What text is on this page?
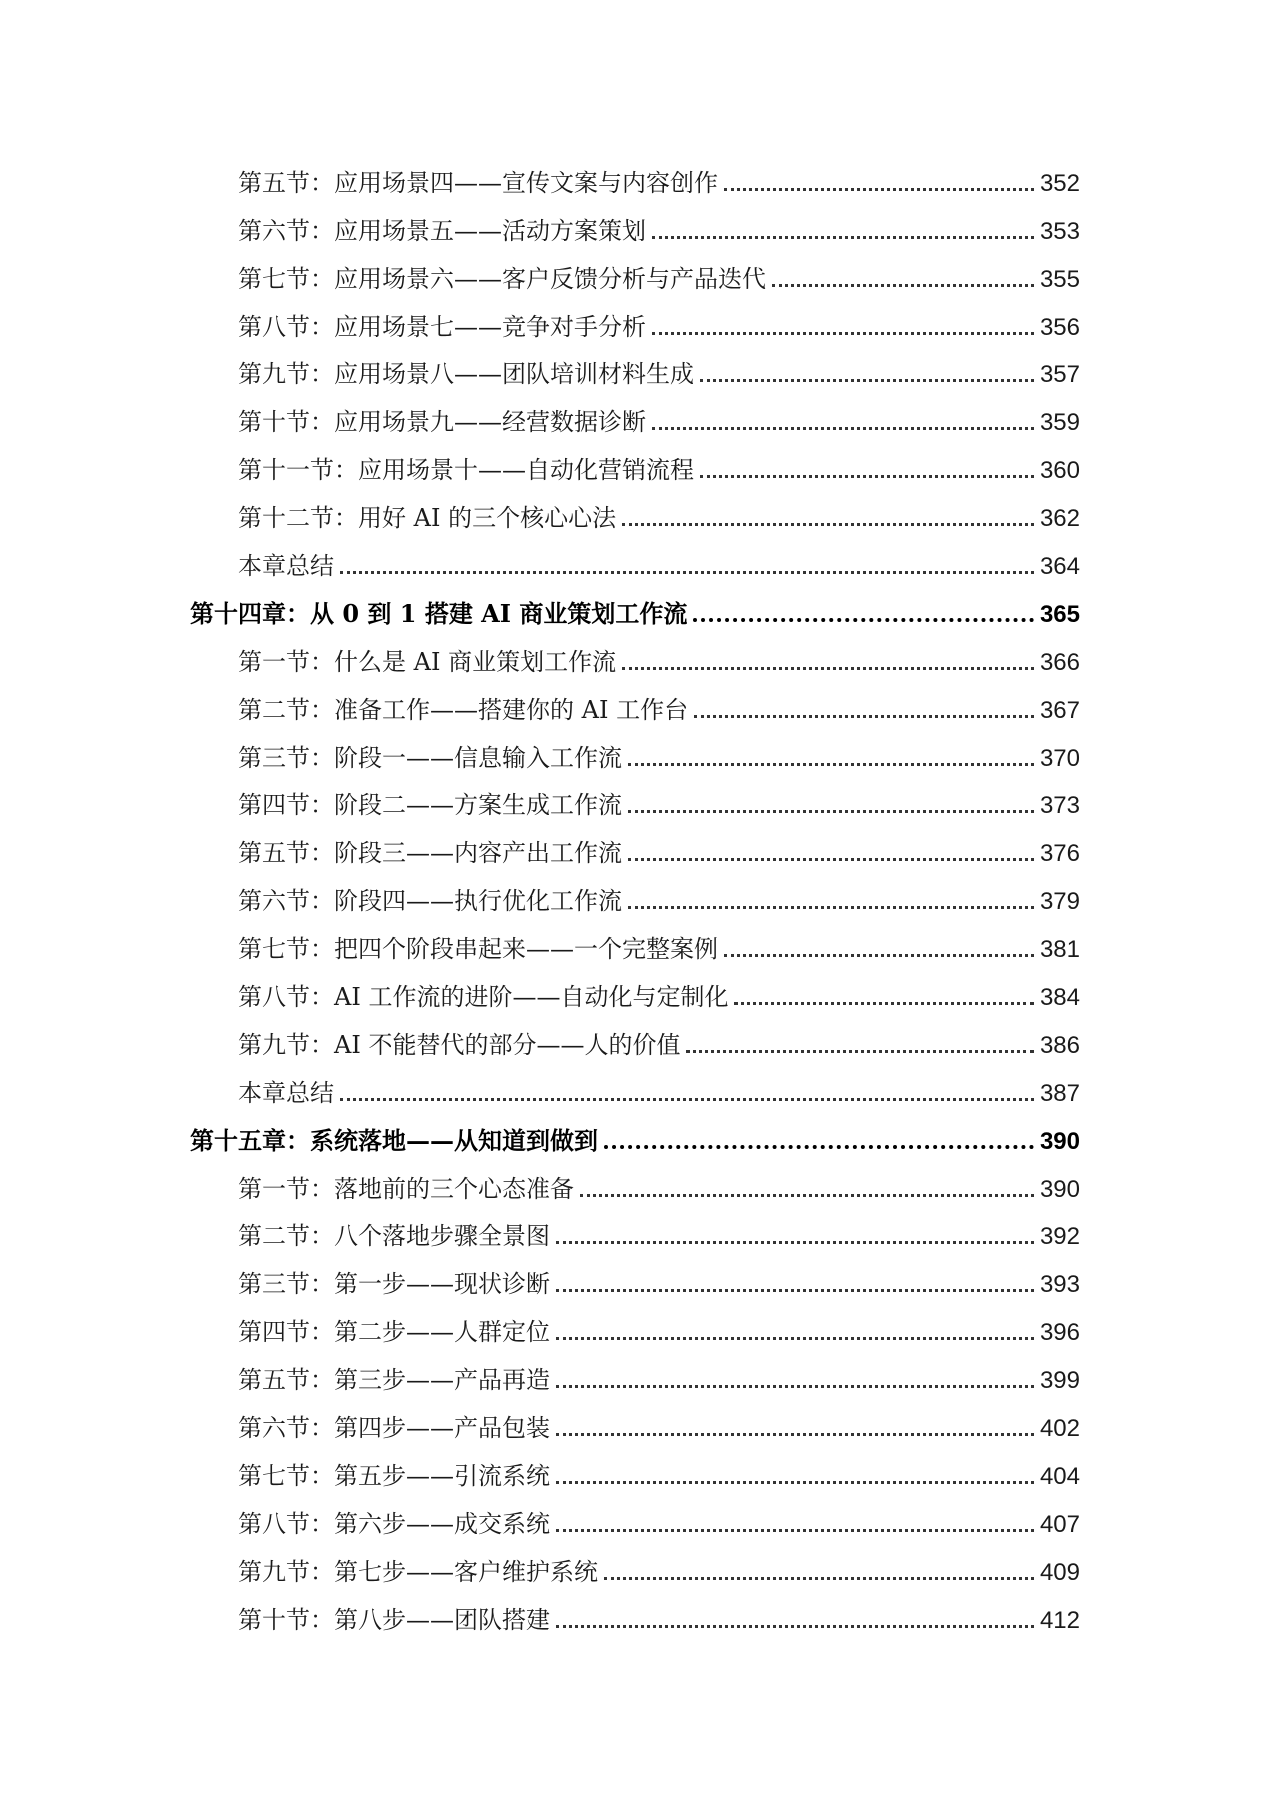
第五节：应用场景四——宣传文案与内容创作	352
第六节：应用场景五——活动方案策划	353
第七节：应用场景六——客户反馈分析与产品迭代	355
第八节：应用场景七——竞争对手分析	356
第九节：应用场景八——团队培训材料生成	357
第十节：应用场景九——经营数据诊断	359
第十一节：应用场景十——自动化营销流程	360
第十二节：用好 AI 的三个核心心法	362
本章总结	364
第十四章：从 0 到 1 搭建 AI 商业策划工作流	365
第一节：什么是 AI 商业策划工作流	366
第二节：准备工作——搭建你的 AI 工作台	367
第三节：阶段一——信息输入工作流	370
第四节：阶段二——方案生成工作流	373
第五节：阶段三——内容产出工作流	376
第六节：阶段四——执行优化工作流	379
第七节：把四个阶段串起来——一个完整案例	381
第八节：AI 工作流的进阶——自动化与定制化	384
第九节：AI 不能替代的部分——人的价值	386
本章总结	387
第十五章：系统落地——从知道到做到	390
第一节：落地前的三个心态准备	390
第二节：八个落地步骤全景图	392
第三节：第一步——现状诊断	393
第四节：第二步——人群定位	396
第五节：第三步——产品再造	399
第六节：第四步——产品包装	402
第七节：第五步——引流系统	404
第八节：第六步——成交系统	407
第九节：第七步——客户维护系统	409
第十节：第八步——团队搭建	412
